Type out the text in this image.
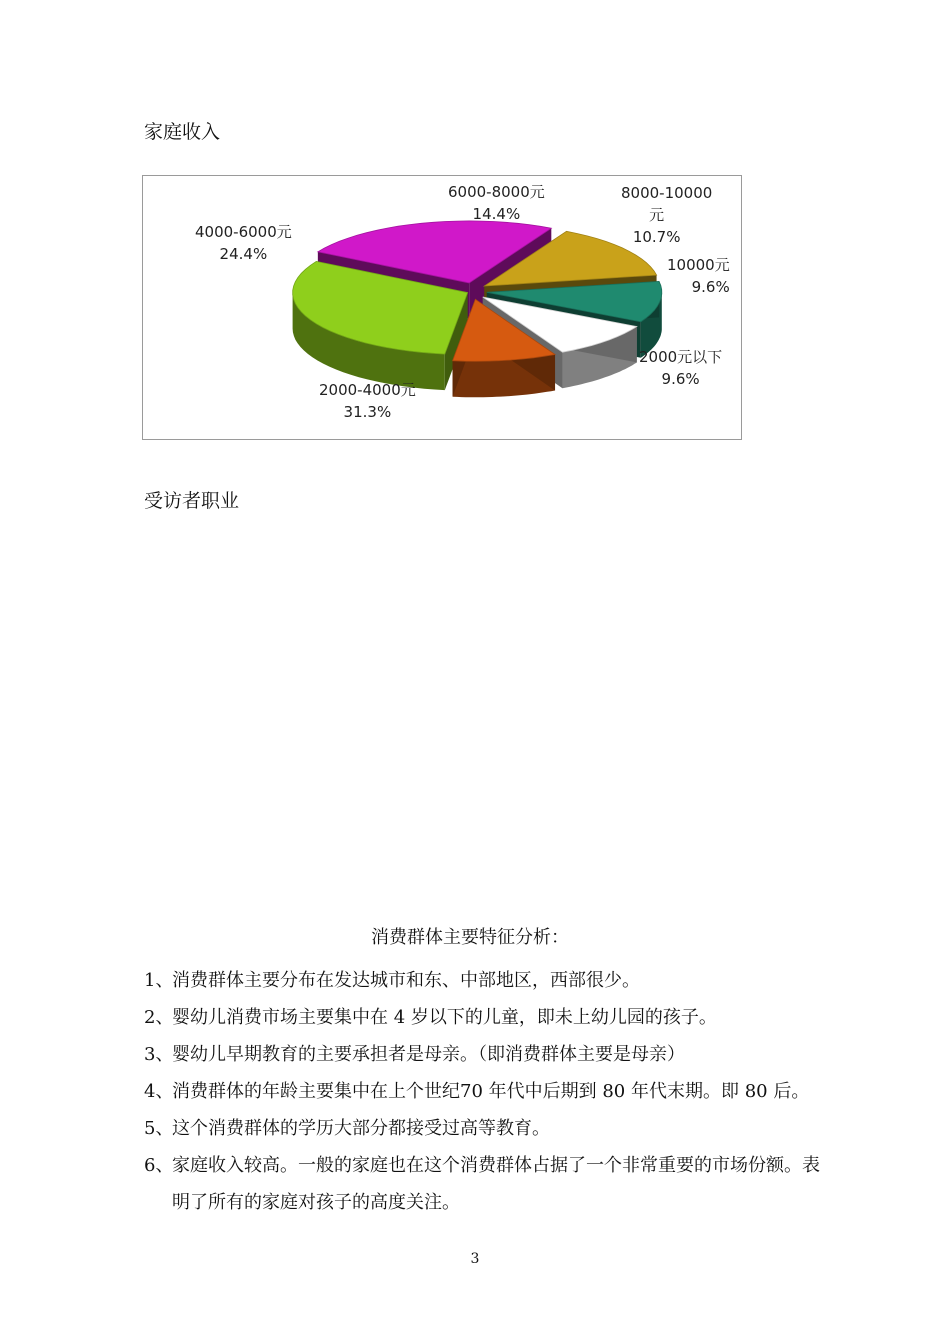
家庭收入
6000-8000元
14.4%
8000-10000
元
10.7%
10000元
9.6%
2000元以下
9.6%
2000-4000元
31.3%
4000-6000元
24.4%
受访者职业
消费群体主要特征分析：
1、
消费群体主要分布在发达城市和东、中部地区，西部很少。
2、
婴幼儿消费市场主要集中在 4 岁以下的儿童，即未上幼儿园的孩子。
3、
婴幼儿早期教育的主要承担者是母亲。（即消费群体主要是母亲）
4、
消费群体的年龄主要集中在上个世纪70 年代中后期到 80 年代末期。即 80 后。
5、
这个消费群体的学历大部分都接受过高等教育。
6、
家庭收入较高。一般的家庭也在这个消费群体占据了一个非常重要的市场份额。表明了所有的家庭对孩子的高度关注。
3
